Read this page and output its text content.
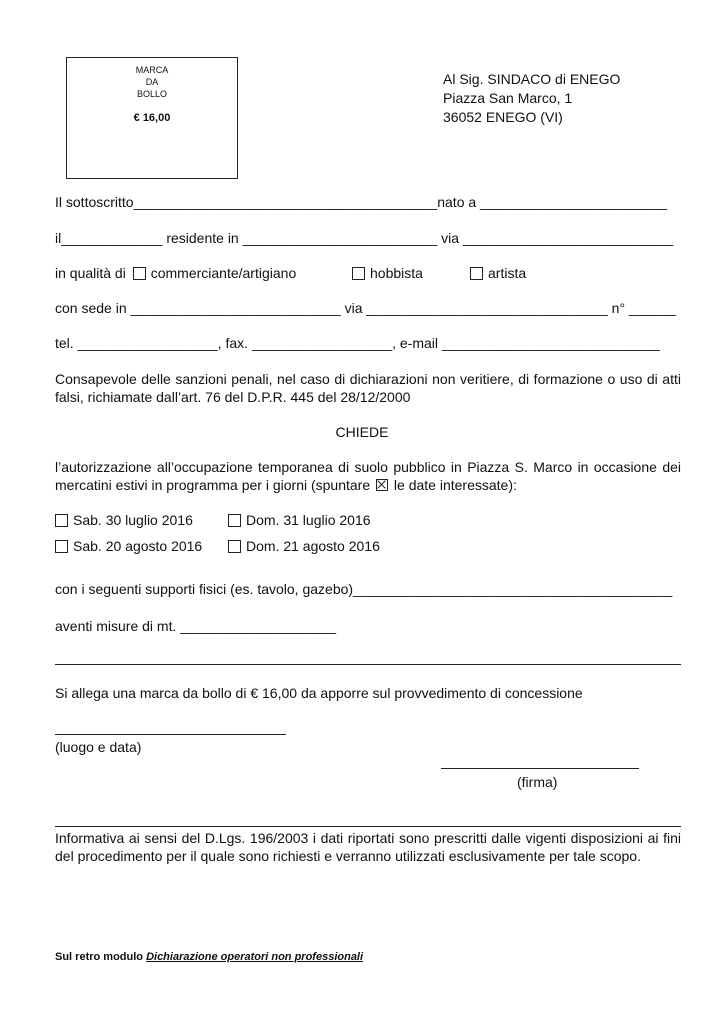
MARCA
DA
BOLLO
€ 16,00
Al Sig. SINDACO di ENEGO
Piazza San Marco, 1
36052 ENEGO (VI)
Il sottoscritto_______________________________________nato a ________________________
il_____________ residente in _________________________ via ___________________________
in qualità di commerciante/artigiano	hobbista	artista
con sede in ___________________________ via _______________________________ n° ______
tel. __________________, fax. __________________, e-mail ____________________________
Consapevole delle sanzioni penali, nel caso di dichiarazioni non veritiere, di formazione o uso di atti falsi, richiamate dall’art. 76 del D.P.R. 445 del 28/12/2000
CHIEDE
l’autorizzazione all’occupazione temporanea di suolo pubblico in Piazza S. Marco in occasione dei mercatini estivi in programma per i giorni (spuntare le date interessate):
Sab. 30 luglio 2016	Dom. 31 luglio 2016
Sab. 20 agosto 2016	Dom. 21 agosto 2016
con i seguenti supporti fisici (es. tavolo, gazebo)_________________________________________
aventi misure di mt. ____________________
Si allega una marca da bollo di € 16,00 da apporre sul provvedimento di concessione
(luogo e data)
(firma)
Informativa ai sensi del D.Lgs. 196/2003 i dati riportati sono prescritti dalle vigenti disposizioni ai fini del procedimento per il quale sono richiesti e verranno utilizzati esclusivamente per tale scopo.
Sul retro modulo Dichiarazione operatori non professionali
